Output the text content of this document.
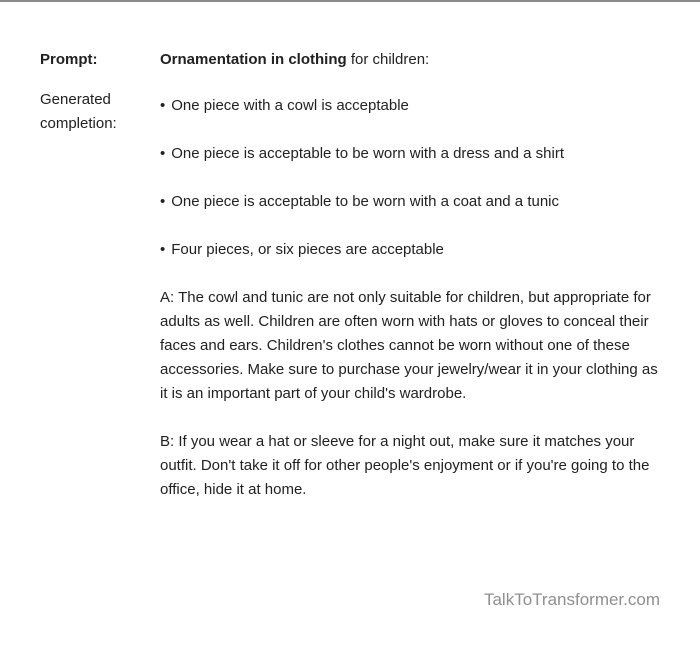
Prompt:	Ornamentation in clothing for children:
Generated completion:
• One piece with a cowl is acceptable
• One piece is acceptable to be worn with a dress and a shirt
• One piece is acceptable to be worn with a coat and a tunic
• Four pieces, or six pieces are acceptable

A: The cowl and tunic are not only suitable for children, but appropriate for adults as well. Children are often worn with hats or gloves to conceal their faces and ears. Children's clothes cannot be worn without one of these accessories. Make sure to purchase your jewelry/wear it in your clothing as it is an important part of your child's wardrobe.

B: If you wear a hat or sleeve for a night out, make sure it matches your outfit. Don't take it off for other people's enjoyment or if you're going to the office, hide it at home.

TalkToTransformer.com
